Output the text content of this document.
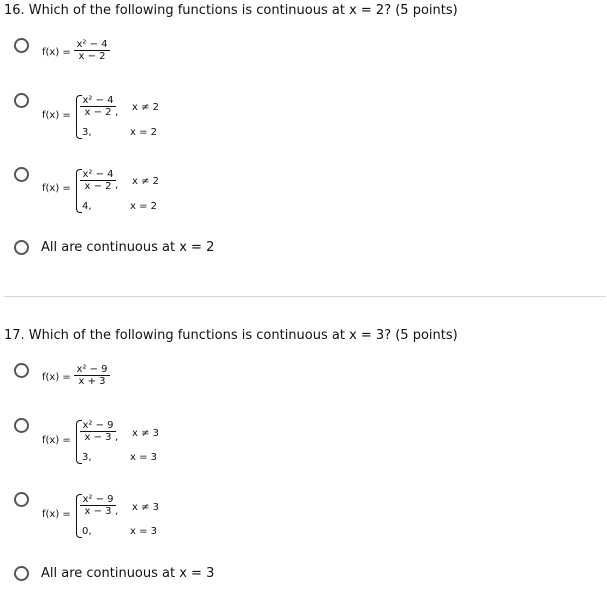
16. Which of the following functions is continuous at x = 2? (5 points)
$f(x) = \frac{\text{x² − 4}}{x - 2}$
$f(x) = \frac{\text{x² − 4}}{x - 2}$ ,
3,
x ≠ 2
x = 2
$f(x) = \frac{\text{x² − 4}}{x - 2}$ ,
4,
x ≠ 2
x = 2
All are continuous at x = 2
17. Which of the following functions is continuous at x = 3? (5 points)
$f(x) = \frac{\text{x² − 9}}{x + 3}$
$f(x) = \frac{\text{x² − 9}}{x - 3}$ ,
3,
x ≠ 3
x = 3
$f(x) = \frac{\text{x² − 9}}{x - 3}$ ,
0,
x ≠ 3
x = 3
All are continuous at x = 3
